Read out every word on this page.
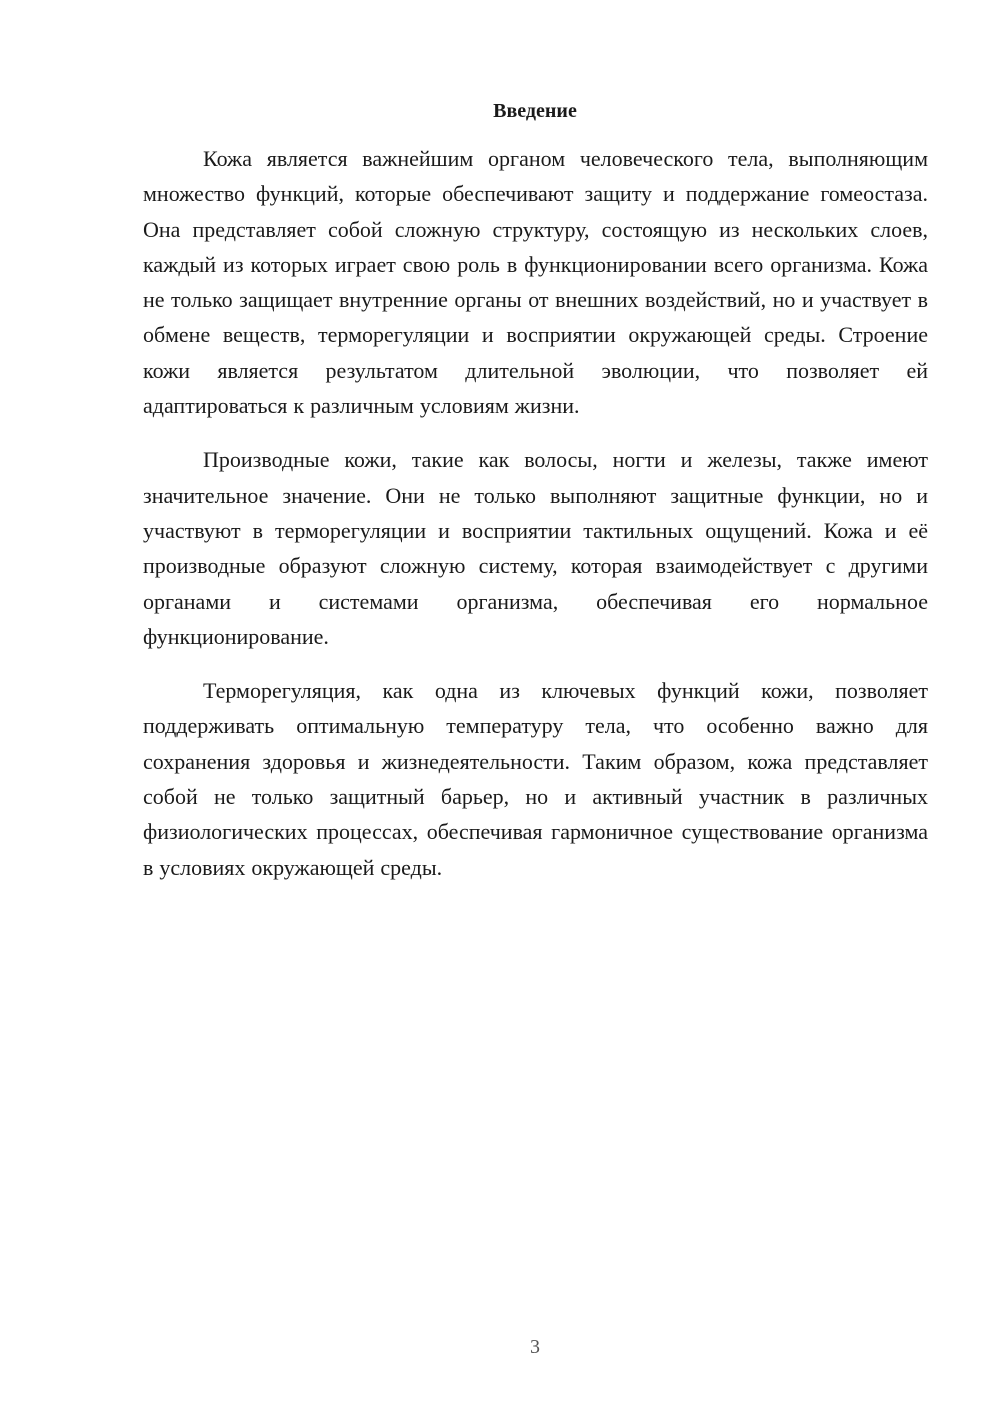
Введение

Кожа является важнейшим органом человеческого тела, выполняющим множество функций, которые обеспечивают защиту и поддержание гомеостаза. Она представляет собой сложную структуру, состоящую из нескольких слоев, каждый из которых играет свою роль в функционировании всего организма. Кожа не только защищает внутренние органы от внешних воздействий, но и участвует в обмене веществ, терморегуляции и восприятии окружающей среды. Строение кожи является результатом длительной эволюции, что позволяет ей адаптироваться к различным условиям жизни.

Производные кожи, такие как волосы, ногти и железы, также имеют значительное значение. Они не только выполняют защитные функции, но и участвуют в терморегуляции и восприятии тактильных ощущений. Кожа и её производные образуют сложную систему, которая взаимодействует с другими органами и системами организма, обеспечивая его нормальное функционирование.

Терморегуляция, как одна из ключевых функций кожи, позволяет поддерживать оптимальную температуру тела, что особенно важно для сохранения здоровья и жизнедеятельности. Таким образом, кожа представляет собой не только защитный барьер, но и активный участник в различных физиологических процессах, обеспечивая гармоничное существование организма в условиях окружающей среды.

3
